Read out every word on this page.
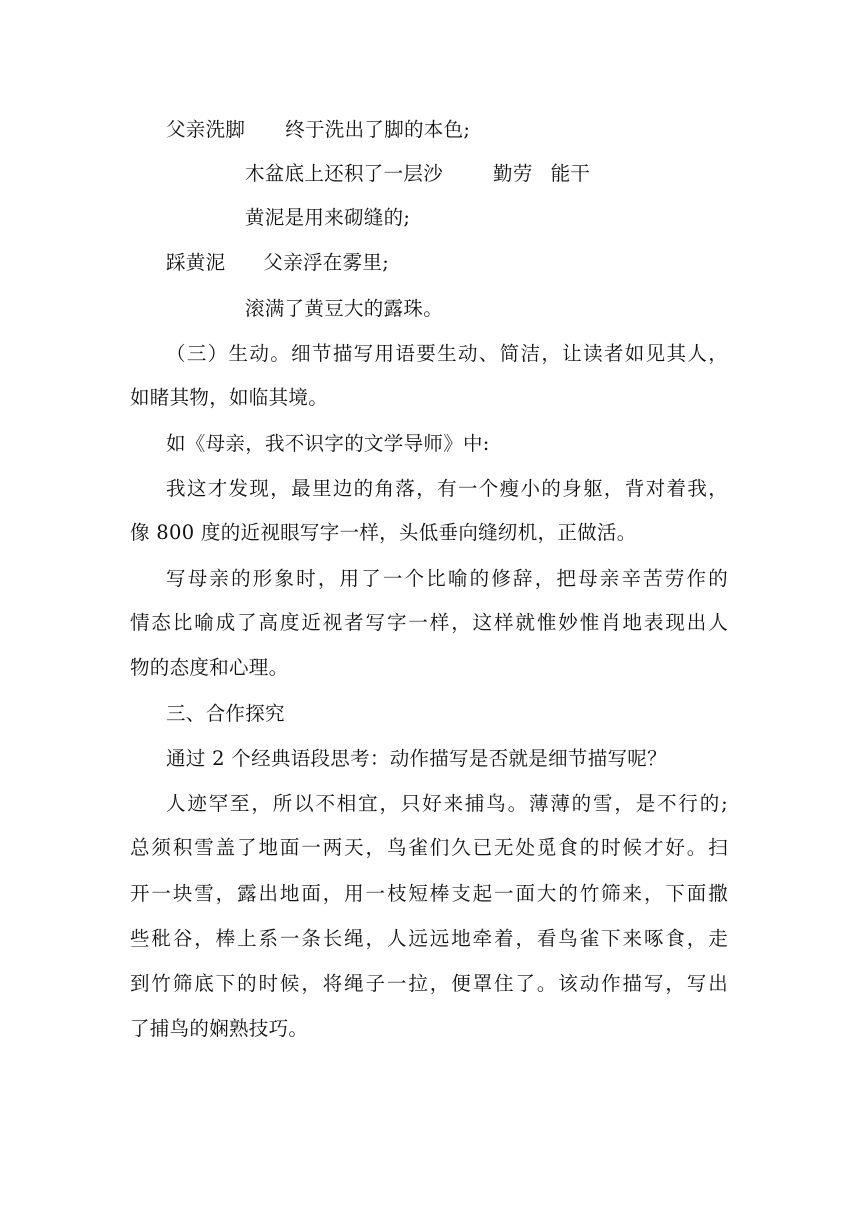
父亲洗脚 终于洗出了脚的本色;
木盆底上还积了一层沙	勤劳 能干
黄泥是用来砌缝的;
踩黄泥 父亲浮在雾里;
滚满了黄豆大的露珠。
（三）生动。细节描写用语要生动、简洁，让读者如见其人，
如睹其物，如临其境。
如《母亲，我不识字的文学导师》中:
我这才发现，最里边的角落，有一个瘦小的身躯，背对着我，
像 800 度的近视眼写字一样，头低垂向缝纫机，正做活。
写母亲的形象时，用了一个比喻的修辞，把母亲辛苦劳作的
情态比喻成了高度近视者写字一样，这样就惟妙惟肖地表现出人
物的态度和心理。
三、合作探究
通过 2 个经典语段思考：动作描写是否就是细节描写呢？
人迹罕至，所以不相宜，只好来捕鸟。薄薄的雪，是不行的;
总须积雪盖了地面一两天，鸟雀们久已无处觅食的时候才好。扫
开一块雪，露出地面，用一枝短棒支起一面大的竹筛来，下面撒
些秕谷，棒上系一条长绳，人远远地牵着，看鸟雀下来啄食，走
到竹筛底下的时候，将绳子一拉，便罩住了。该动作描写，写出
了捕鸟的娴熟技巧。
